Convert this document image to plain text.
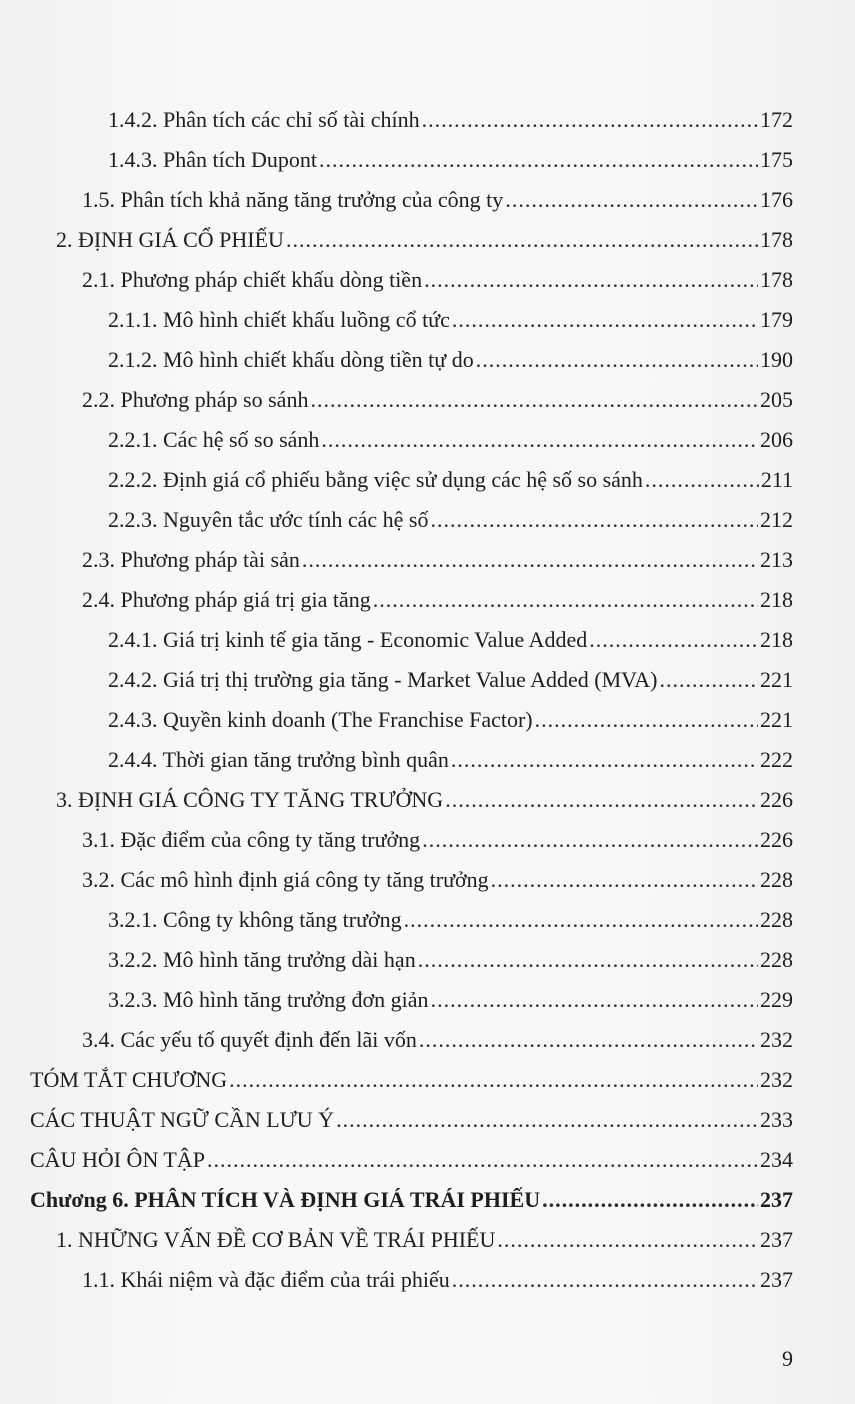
1.4.2. Phân tích các chỉ số tài chính .....	172
1.4.3. Phân tích Dupont .....	175
1.5. Phân tích khả năng tăng trưởng của công ty .....	176
2. ĐỊNH GIÁ CỔ PHIẾU .....	178
2.1. Phương pháp chiết khấu dòng tiền .....	178
2.1.1. Mô hình chiết khấu luồng cổ tức .....	179
2.1.2. Mô hình chiết khấu dòng tiền tự do .....	190
2.2. Phương pháp so sánh .....	205
2.2.1. Các hệ số so sánh .....	206
2.2.2. Định giá cổ phiếu bằng việc sử dụng các hệ số so sánh .....	211
2.2.3. Nguyên tắc ước tính các hệ số .....	212
2.3. Phương pháp tài sản .....	213
2.4. Phương pháp giá trị gia tăng .....	218
2.4.1. Giá trị kinh tế gia tăng - Economic Value Added .....	218
2.4.2. Giá trị thị trường gia tăng - Market Value Added (MVA) .....	221
2.4.3. Quyền kinh doanh (The Franchise Factor) .....	221
2.4.4. Thời gian tăng trưởng bình quân .....	222
3. ĐỊNH GIÁ CÔNG TY TĂNG TRƯỞNG .....	226
3.1. Đặc điểm của công ty tăng trưởng .....	226
3.2. Các mô hình định giá công ty tăng trưởng .....	228
3.2.1. Công ty không tăng trưởng .....	228
3.2.2. Mô hình tăng trưởng dài hạn .....	228
3.2.3. Mô hình tăng trưởng đơn giản .....	229
3.4. Các yếu tố quyết định đến lãi vốn .....	232
TÓM TẮT CHƯƠNG .....	232
CÁC THUẬT NGỮ CẦN LƯU Ý .....	233
CÂU HỎI ÔN TẬP .....	234
Chương 6. PHÂN TÍCH VÀ ĐỊNH GIÁ TRÁI PHIẾU .....	237
1. NHỮNG VẤN ĐỀ CƠ BẢN VỀ TRÁI PHIẾU .....	237
1.1. Khái niệm và đặc điểm của trái phiếu .....	237
9
